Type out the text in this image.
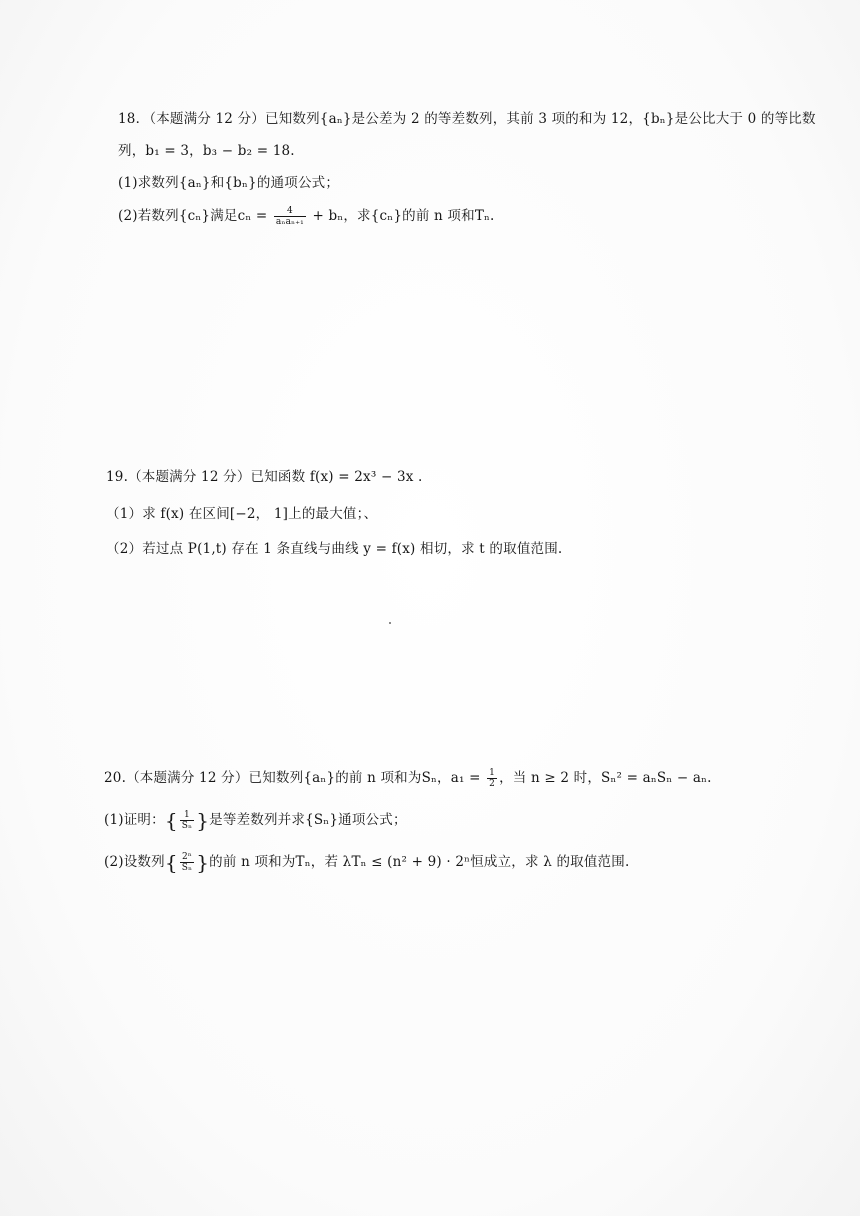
18．（本题满分 12 分）已知数列{aₙ}是公差为 2 的等差数列，其前 3 项的和为 12，{bₙ}是公比大于 0 的等比数
列，b₁ = 3，b₃ − b₂ = 18.
(1)求数列{aₙ}和{bₙ}的通项公式；
(2)若数列{cₙ}满足$c_n = \frac{4}{\text{aₙaₙ₊₁}} + b_n$，求{cₙ}的前 n 项和Tₙ.
19.（本题满分 12 分）已知函数 f(x) = 2x³ − 3x .
（1）求 f(x) 在区间[−2， 1]上的最大值；、
（2）若过点 P(1,t) 存在 1 条直线与曲线 y = f(x) 相切，求 t 的取值范围.
20.（本题满分 12 分）已知数列{aₙ}的前 n 项和为Sₙ，$a_1 = \frac{1}{2}$ ，当 n ≥ 2 时，Sₙ² = aₙSₙ − aₙ.
(1)证明：{ $\frac{1}{\text{Sₙ}}$ }是等差数列并求{Sₙ}通项公式；
(2)设数列{ $\frac{\text{2ⁿ}}{\text{Sₙ}}$ }的前 n 项和为Tₙ，若 λTₙ ≤ (n² + 9) · 2ⁿ恒成立，求 λ 的取值范围.
